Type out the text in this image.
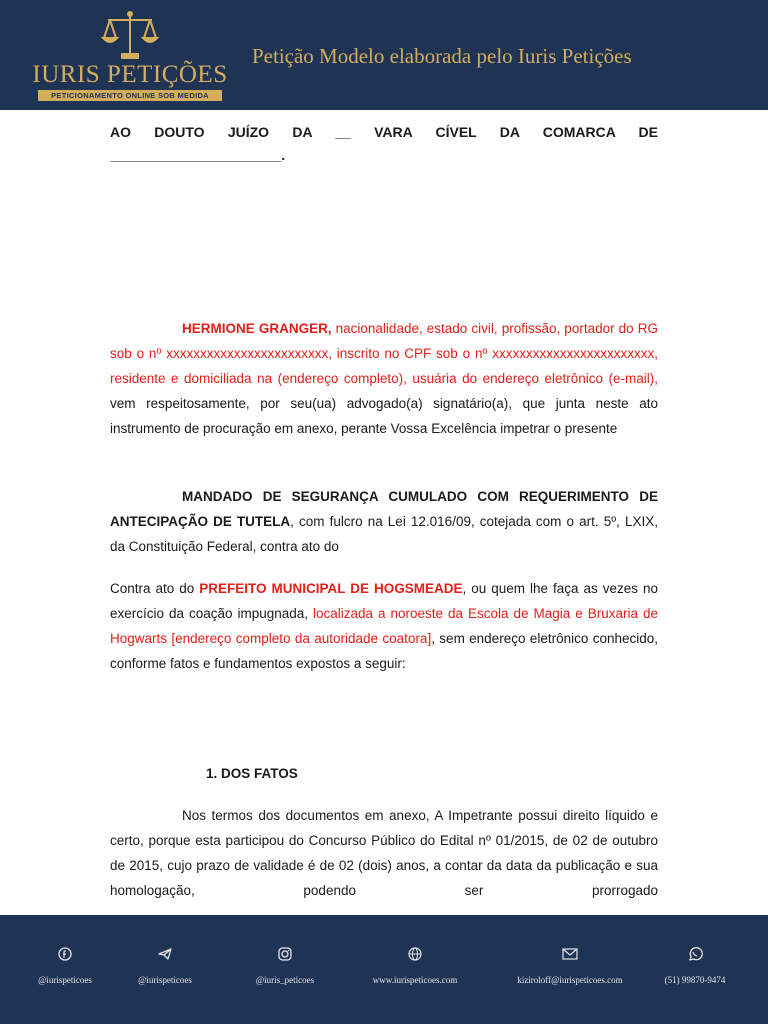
IURIS PETIÇÕES
PETICIONAMENTO ONLINE SOB MEDIDA
Petição Modelo elaborada pelo Iuris Petições

AO DOUTO JUÍZO DA __ VARA CÍVEL DA COMARCA DE

______________________.

HERMIONE GRANGER, nacionalidade, estado civil, profissão, portador do RG sob o nº xxxxxxxxxxxxxxxxxxxxxxxx, inscrito no CPF sob o nº xxxxxxxxxxxxxxxxxxxxxxxx, residente e domiciliada na (endereço completo), usuária do endereço eletrônico (e-mail), vem respeitosamente, por seu(ua) advogado(a) signatário(a), que junta neste ato instrumento de procuração em anexo, perante Vossa Excelência impetrar o presente

MANDADO DE SEGURANÇA CUMULADO COM REQUERIMENTO DE ANTECIPAÇÃO DE TUTELA, com fulcro na Lei 12.016/09, cotejada com o art. 5º, LXIX, da Constituição Federal, contra ato do

Contra ato do PREFEITO MUNICIPAL DE HOGSMEADE, ou quem lhe faça as vezes no exercício da coação impugnada, localizada a noroeste da Escola de Magia e Bruxaria de Hogwarts [endereço completo da autoridade coatora], sem endereço eletrônico conhecido, conforme fatos e fundamentos expostos a seguir:

1. DOS FATOS

Nos termos dos documentos em anexo, A Impetrante possui direito líquido e certo, porque esta participou do Concurso Público do Edital nº 01/2015, de 02 de outubro de 2015, cujo prazo de validade é de 02 (dois) anos, a contar da data da publicação e sua homologação, podendo ser prorrogado

@iurispeticoes	@iurispeticoes	@iuris_peticoes	www.iurispeticoes.com	kiziroloff@iurispeticoes.com	(51) 99870-9474
